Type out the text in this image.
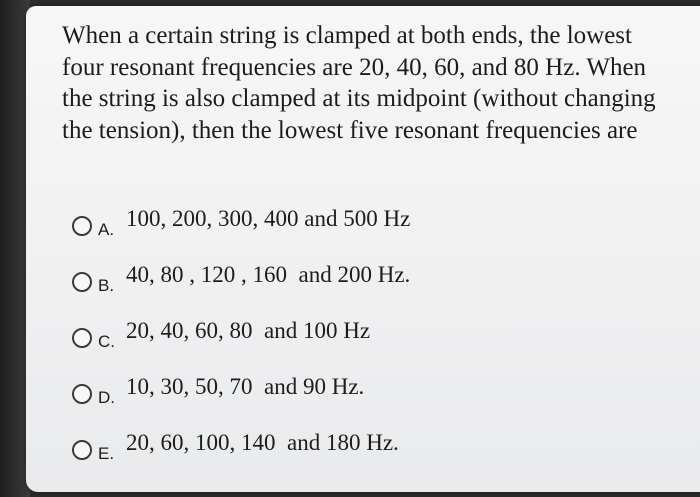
When a certain string is clamped at both ends, the lowest four resonant frequencies are 20, 40, 60, and 80 Hz. When the string is also clamped at its midpoint (without changing the tension), then the lowest five resonant frequencies are

A. 100, 200, 300, 400 and 500 Hz
B. 40, 80 , 120 , 160  and 200 Hz.
C. 20, 40, 60, 80  and 100 Hz
D. 10, 30, 50, 70  and 90 Hz.
E. 20, 60, 100, 140  and 180 Hz.
